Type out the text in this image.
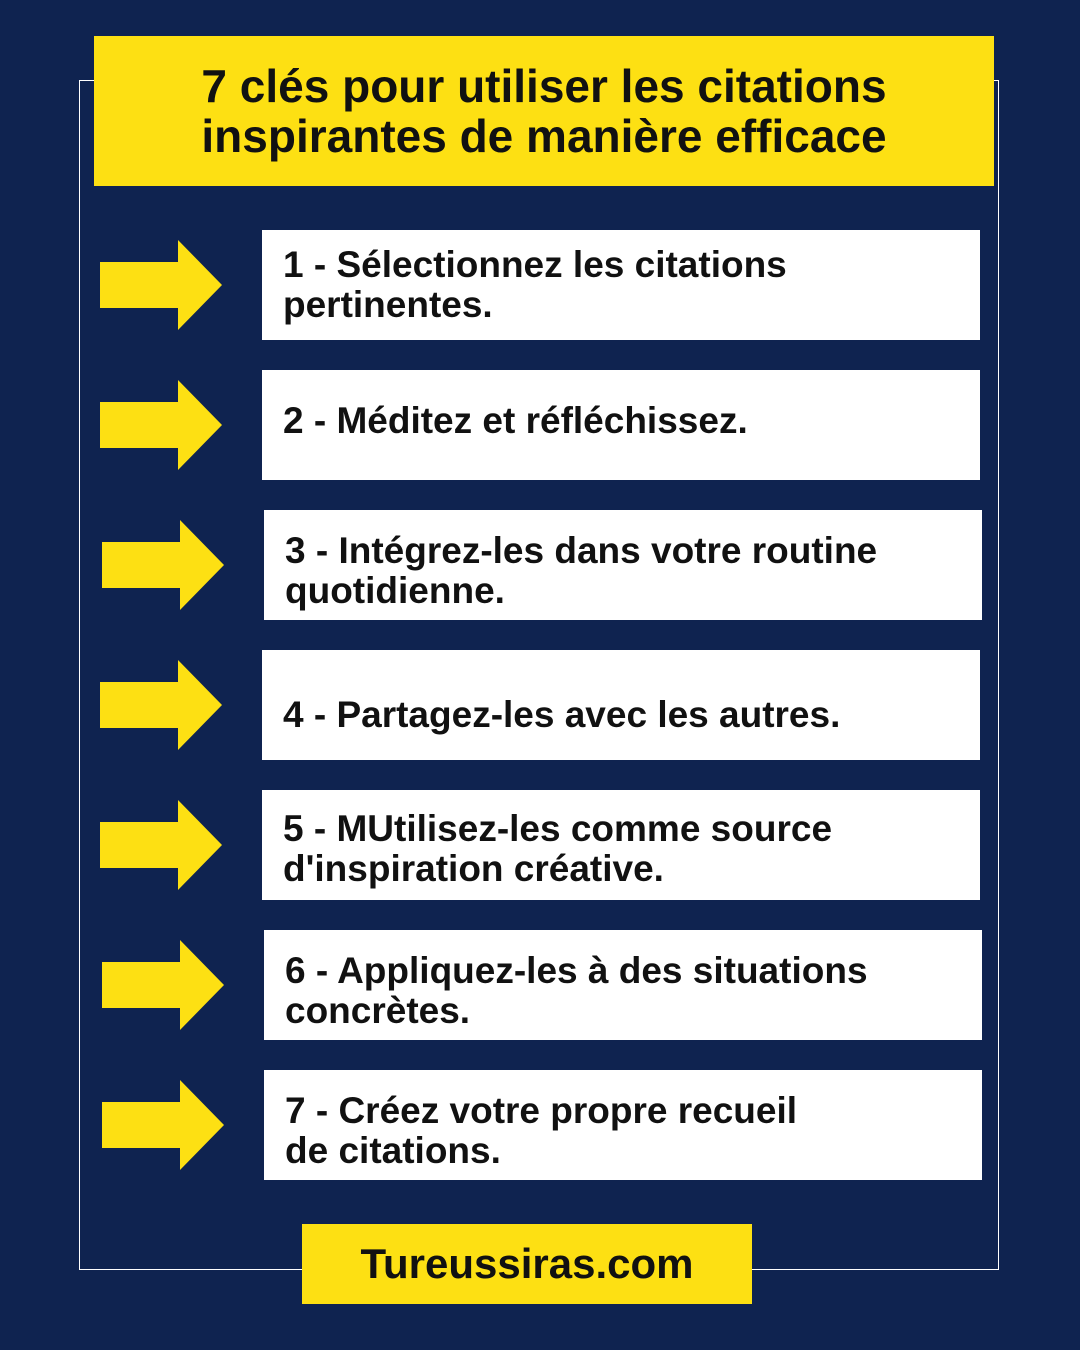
7 clés pour utiliser les citations
inspirantes de manière efficace
1 - Sélectionnez les citations
pertinentes.
2 - Méditez et réfléchissez.
3 - Intégrez-les dans votre routine
quotidienne.
4 - Partagez-les avec les autres.
5 - MUtilisez-les comme source
d'inspiration créative.
6 - Appliquez-les à des situations
concrètes.
7 - Créez votre propre recueil
de citations.
Tureussiras.com
